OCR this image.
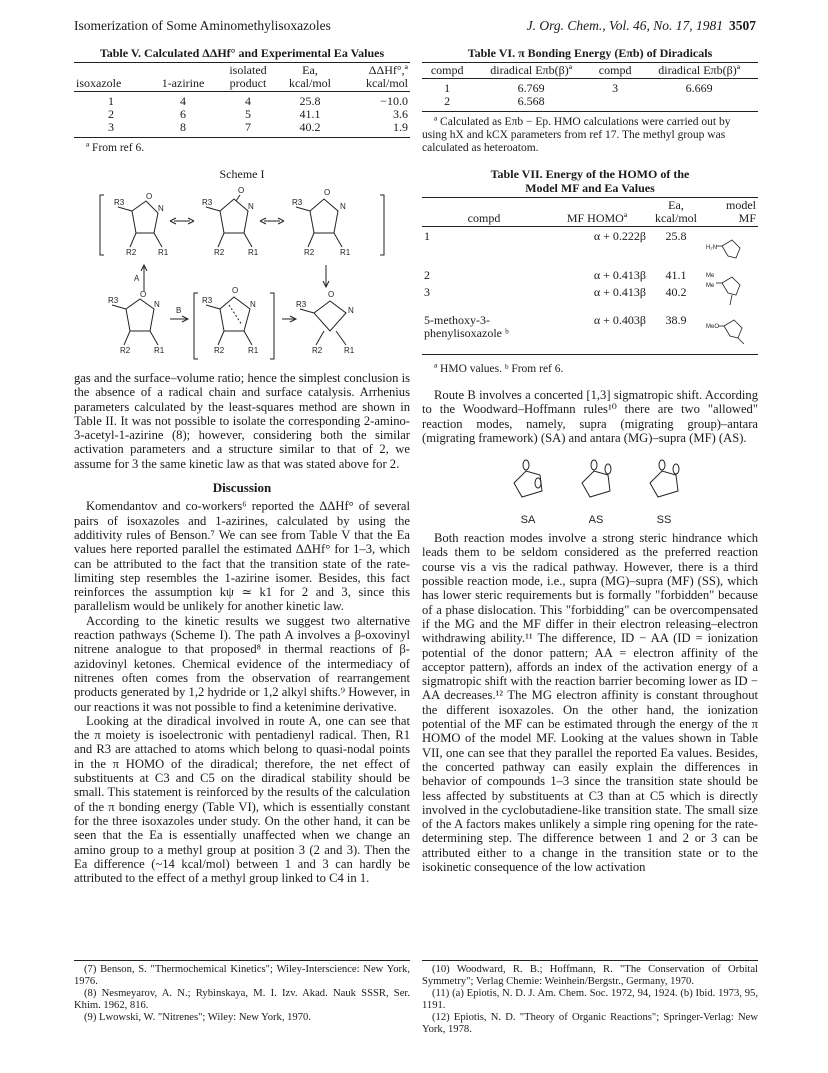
Isomerization of Some Aminomethylisoxazoles	J. Org. Chem., Vol. 46, No. 17, 1981 3507
Table V. Calculated ΔΔHf° and Experimental Ea Values
isoxazole	1-azirine	isolated product	Ea, kcal/mol	ΔΔHf°,ª kcal/mol
1	4	4	25.8	−10.0
2	6	5	41.1	3.6
3	8	7	40.2	1.9
ª From ref 6.
Scheme I
R3
O
N
R2	R1
R3
O
N
R2	R1
R3
O
N
R2	R1
A
R3
O
N
R2	R1
B
R3
O
N
R2	R1
R3
O
N
R2	R1

gas and the surface–volume ratio; hence the simplest conclusion is the absence of a radical chain and surface catalysis. Arrhenius parameters calculated by the least-squares method are shown in Table II. It was not possible to isolate the corresponding 2-amino-3-acetyl-1-azirine (8); however, considering both the similar activation parameters and a structure similar to that of 2, we assume for 3 the same kinetic law as that was stated above for 2.

Discussion

Komendantov and co-workers⁶ reported the ΔΔHf° of several pairs of isoxazoles and 1-azirines, calculated by using the additivity rules of Benson.⁷ We can see from Table V that the Ea values here reported parallel the estimated ΔΔHf° for 1–3, which can be attributed to the fact that the transition state of the rate-limiting step resembles the 1-azirine isomer. Besides, this fact reinforces the assumption kψ ≃ k1 for 2 and 3, since this parallelism would be unlikely for another kinetic law.

According to the kinetic results we suggest two alternative reaction pathways (Scheme I). The path A involves a β-oxovinyl nitrene analogue to that proposed⁸ in thermal reactions of β-azidovinyl ketones. Chemical evidence of the intermediacy of nitrenes often comes from the observation of rearrangement products generated by 1,2 hydride or 1,2 alkyl shifts.⁹ However, in our reactions it was not possible to find a ketenimine derivative.

Looking at the diradical involved in route A, one can see that the π moiety is isoelectronic with pentadienyl radical. Then, R1 and R3 are attached to atoms which belong to quasi-nodal points in the π HOMO of the diradical; therefore, the net effect of substituents at C3 and C5 on the diradical stability should be small. This statement is reinforced by the results of the calculation of the π bonding energy (Table VI), which is essentially constant for the three isoxazoles under study. On the other hand, it can be seen that the Ea is essentially unaffected when we change an amino group to a methyl group at position 3 (2 and 3). Then the Ea difference (~14 kcal/mol) between 1 and 3 can hardly be attributed to the effect of a methyl group linked to C4 in 1.

(7) Benson, S. "Thermochemical Kinetics"; Wiley-Interscience: New York, 1976.
(8) Nesmeyarov, A. N.; Rybinskaya, M. I. Izv. Akad. Nauk SSSR, Ser. Khim. 1962, 816.
(9) Lwowski, W. "Nitrenes"; Wiley: New York, 1970.
Table VI. π Bonding Energy (Eπb) of Diradicals
compd	diradical Eπb(β)ª	compd	diradical Eπb(β)ª
1	6.769	3	6.669
2	6.568		
ª Calculated as Eπb − Ep. HMO calculations were carried out by using hX and kCX parameters from ref 17. The methyl group was calculated as heteroatom.
Table VII. Energy of the HOMO of the
Model MF and Ea Values
compd	MF HOMOª	Ea, kcal/mol	model MF
1	α + 0.222β	25.8	H₂N

2	α + 0.413β	41.1	Me
Me

3	α + 0.413β	40.2	
5-methoxy-3-phenylisoxazole ᵇ	α + 0.403β	38.9	MeO
ª HMO values. ᵇ From ref 6.

Route B involves a concerted [1,3] sigmatropic shift. According to the Woodward–Hoffmann rules¹⁰ there are two "allowed" reaction modes, namely, supra (migrating group)–antara (migrating framework) (SA) and antara (MG)–supra (MF) (AS).

SA	AS	SS

Both reaction modes involve a strong steric hindrance which leads them to be seldom considered as the preferred reaction course vis a vis the radical pathway. However, there is a third possible reaction mode, i.e., supra (MG)–supra (MF) (SS), which has lower steric requirements but is formally "forbidden" because of a phase dislocation. This "forbidding" can be overcompensated if the MG and the MF differ in their electron releasing–electron withdrawing ability.¹¹ The difference, ID − AA (ID = ionization potential of the donor pattern; AA = electron affinity of the acceptor pattern), affords an index of the activation energy of a sigmatropic shift with the reaction barrier becoming lower as ID − AA decreases.¹² The MG electron affinity is constant throughout the different isoxazoles. On the other hand, the ionization potential of the MF can be estimated through the energy of the π HOMO of the model MF. Looking at the values shown in Table VII, one can see that they parallel the reported Ea values. Besides, the concerted pathway can easily explain the differences in behavior of compounds 1–3 since the transition state should be less affected by substituents at C3 than at C5 which is directly involved in the cyclobutadiene-like transition state. The small size of the A factors makes unlikely a simple ring opening for the rate-determining step. The difference between 1 and 2 or 3 can be attributed either to a change in the transition state or to the isokinetic consequence of the low activation

(10) Woodward, R. B.; Hoffmann, R. "The Conservation of Orbital Symmetry"; Verlag Chemie: Weinhein/Bergstr., Germany, 1970.
(11) (a) Epiotis, N. D. J. Am. Chem. Soc. 1972, 94, 1924. (b) Ibid. 1973, 95, 1191.
(12) Epiotis, N. D. "Theory of Organic Reactions"; Springer-Verlag: New York, 1978.
